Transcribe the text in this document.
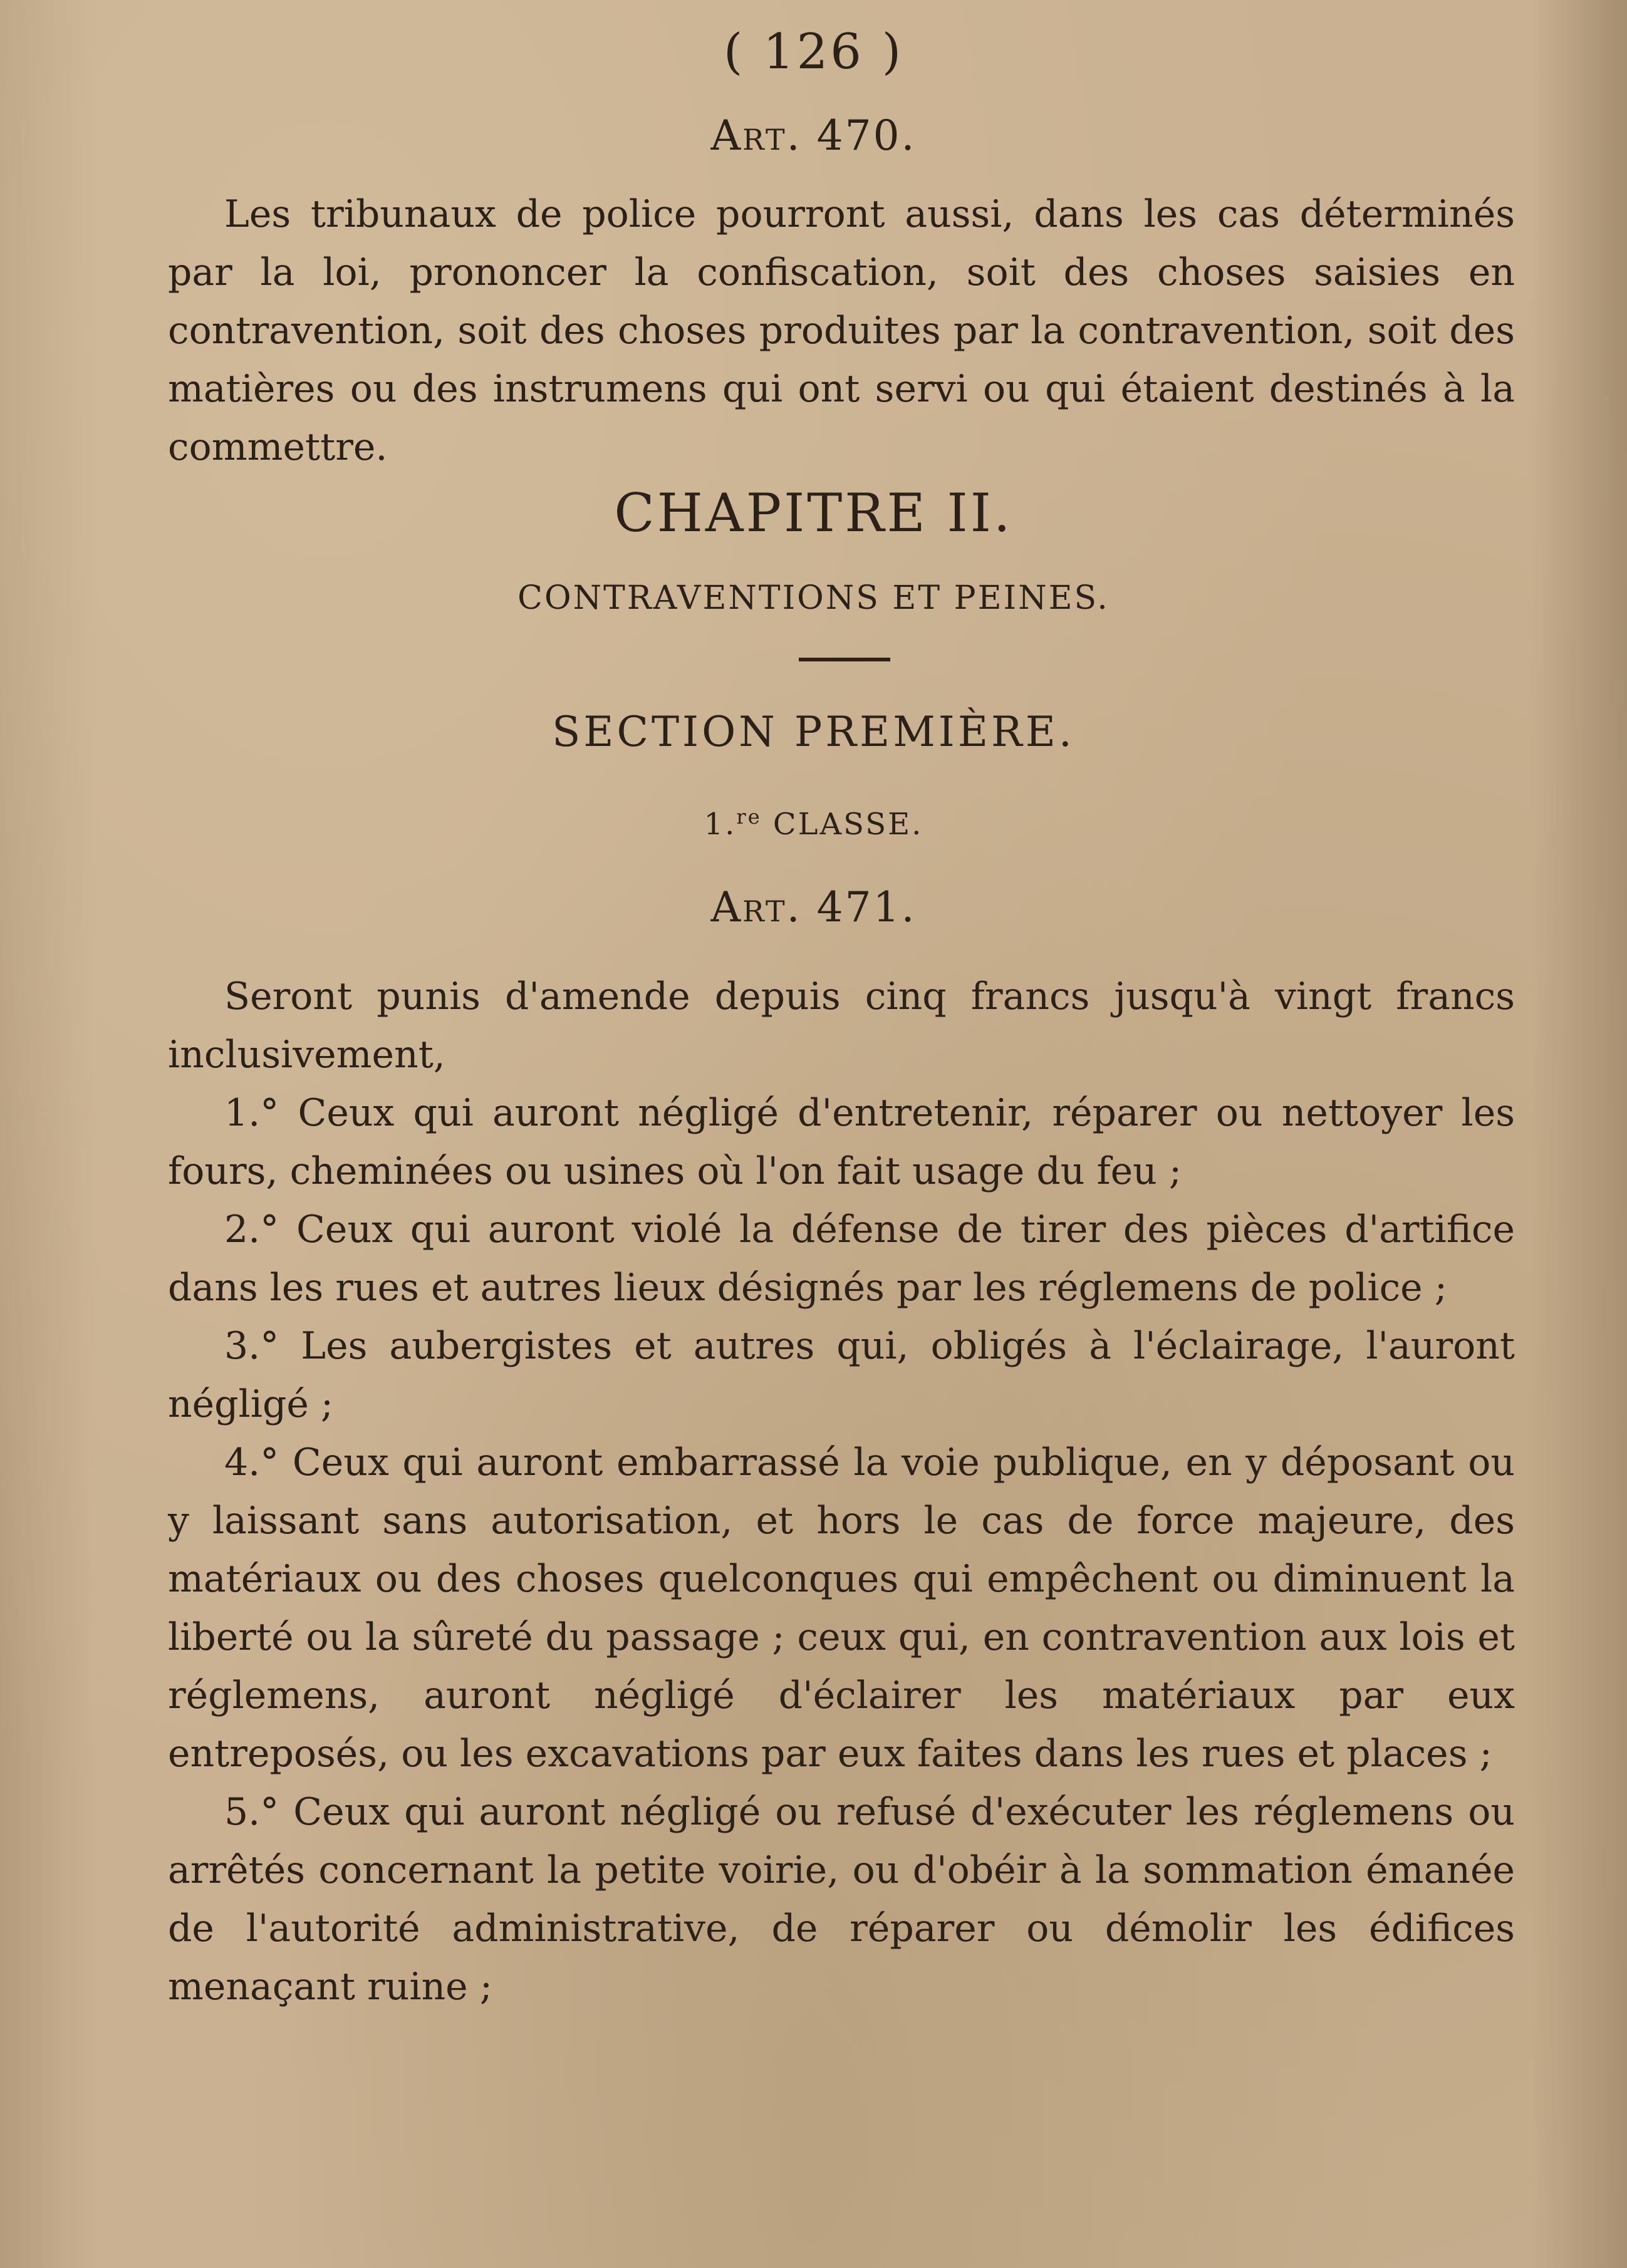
( 126 )
Art. 470.

Les tribunaux de police pourront aussi, dans les cas déterminés par la loi, prononcer la confiscation, soit des choses saisies en contravention, soit des choses produites par la contravention, soit des matières ou des instrumens qui ont servi ou qui étaient destinés à la commettre.

CHAPITRE II.
CONTRAVENTIONS ET PEINES.
SECTION PREMIÈRE.
1.$^{re}$ CLASSE.
Art. 471.

Seront punis d'amende depuis cinq francs jusqu'à vingt francs inclusivement,

1.° Ceux qui auront négligé d'entretenir, réparer ou nettoyer les fours, cheminées ou usines où l'on fait usage du feu ;

2.° Ceux qui auront violé la défense de tirer des pièces d'artifice dans les rues et autres lieux désignés par les réglemens de police ;

3.° Les aubergistes et autres qui, obligés à l'éclairage, l'auront négligé ;

4.° Ceux qui auront embarrassé la voie publique, en y déposant ou y laissant sans autorisation, et hors le cas de force majeure, des matériaux ou des choses quelconques qui empêchent ou diminuent la liberté ou la sûreté du passage ; ceux qui, en contravention aux lois et réglemens, auront négligé d'éclairer les matériaux par eux entreposés, ou les excavations par eux faites dans les rues et places ;

5.° Ceux qui auront négligé ou refusé d'exécuter les réglemens ou arrêtés concernant la petite voirie, ou d'obéir à la sommation émanée de l'autorité administrative, de réparer ou démolir les édifices menaçant ruine ;
